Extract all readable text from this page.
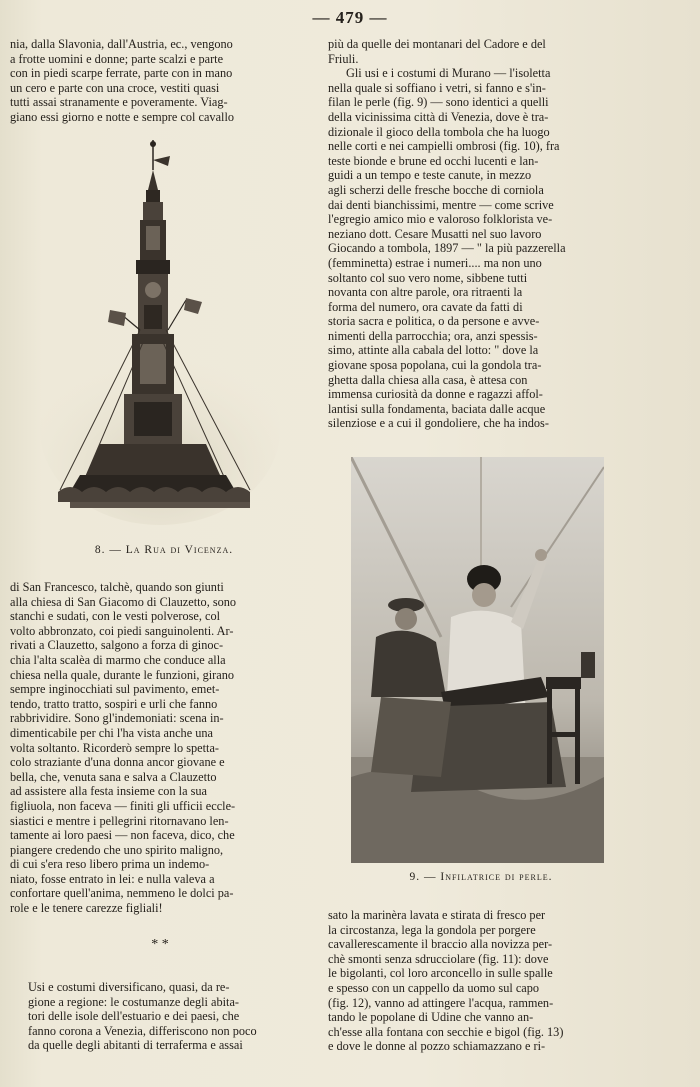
— 479 —
nia, dalla Slavonia, dall'Austria, ec., vengono
a frotte uomini e donne; parte scalzi e parte
con in piedi scarpe ferrate, parte con in mano
un cero e parte con una croce, vestiti quasi
tutti assai stranamente e poveramente. Viag-
giano essi giorno e notte e sempre col cavallo
8. — La Rua di Vicenza.
di San Francesco, talchè, quando son giunti
alla chiesa di San Giacomo di Clauzetto, sono
stanchi e sudati, con le vesti polverose, col
volto abbronzato, coi piedi sanguinolenti. Ar-
rivati a Clauzetto, salgono a forza di ginoc-
chia l'alta scalèa di marmo che conduce alla
chiesa nella quale, durante le funzioni, girano
sempre inginocchiati sul pavimento, emet-
tendo, tratto tratto, sospiri e urli che fanno
rabbrividire. Sono gl'indemoniati: scena in-
dimenticabile per chi l'ha vista anche una
volta soltanto. Ricorderò sempre lo spetta-
colo straziante d'una donna ancor giovane e
bella, che, venuta sana e salva a Clauzetto
ad assistere alla festa insieme con la sua
figliuola, non faceva — finiti gli ufficii eccle-
siastici e mentre i pellegrini ritornavano len-
tamente ai loro paesi — non faceva, dico, che
piangere credendo che uno spirito maligno,
di cui s'era reso libero prima un indemo-
niato, fosse entrato in lei: e nulla valeva a
confortare quell'anima, nemmeno le dolci pa-
role e le tenere carezze figliali!
* *
Usi e costumi diversificano, quasi, da re-
gione a regione: le costumanze degli abita-
tori delle isole dell'estuario e dei paesi, che
fanno corona a Venezia, differiscono non poco
da quelle degli abitanti di terraferma e assai
più da quelle dei montanari del Cadore e del
Friuli.
Gli usi e i costumi di Murano — l'isoletta
nella quale si soffiano i vetri, si fanno e s'in-
filan le perle (fig. 9) — sono identici a quelli
della vicinissima città di Venezia, dove è tra-
dizionale il gioco della tombola che ha luogo
nelle corti e nei campielli ombrosi (fig. 10), fra
teste bionde e brune ed occhi lucenti e lan-
guidi a un tempo e teste canute, in mezzo
agli scherzi delle fresche bocche di corniola
dai denti bianchissimi, mentre — come scrive
l'egregio amico mio e valoroso folklorista ve-
neziano dott. Cesare Musatti nel suo lavoro
Giocando a tombola, 1897 — " la più pazzerella
(femminetta) estrae i numeri.... ma non uno
soltanto col suo vero nome, sibbene tutti
novanta con altre parole, ora ritraenti la
forma del numero, ora cavate da fatti di
storia sacra e politica, o da persone e avve-
nimenti della parrocchia; ora, anzi spessis-
simo, attinte alla cabala del lotto: " dove la
giovane sposa popolana, cui la gondola tra-
ghetta dalla chiesa alla casa, è attesa con
immensa curiosità da donne e ragazzi affol-
lantisi sulla fondamenta, baciata dalle acque
silenziose e a cui il gondoliere, che ha indos-
9. — Infilatrice di perle.
sato la marinèra lavata e stirata di fresco per
la circostanza, lega la gondola per porgere
cavallerescamente il braccio alla novizza per-
chè smonti senza sdrucciolare (fig. 11): dove
le bigolanti, col loro arconcello in sulle spalle
e spesso con un cappello da uomo sul capo
(fig. 12), vanno ad attingere l'acqua, rammen-
tando le popolane di Udine che vanno an-
ch'esse alla fontana con secchie e bigol (fig. 13)
e dove le donne al pozzo schiamazzano e ri-
